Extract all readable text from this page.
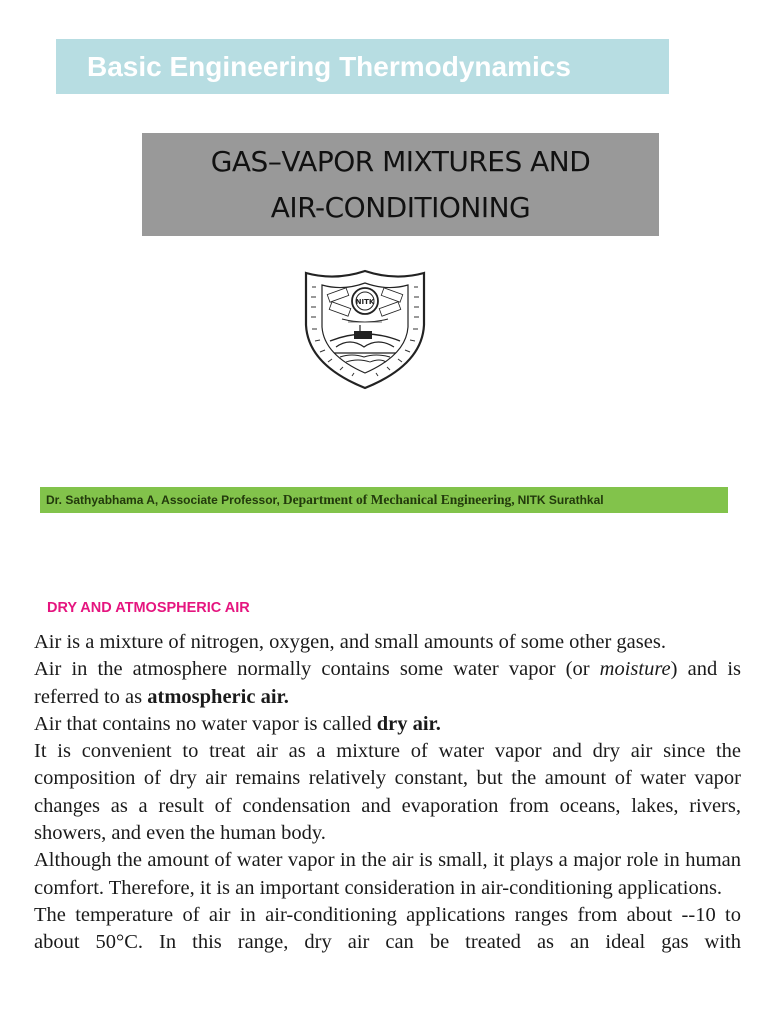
Basic Engineering Thermodynamics
GAS–VAPOR MIXTURES AND
AIR-CONDITIONING
NITK
Dr. Sathyabhama A, Associate Professor, Department of Mechanical Engineering, NITK Surathkal
DRY AND ATMOSPHERIC AIR
Air is a mixture of nitrogen, oxygen, and small amounts of some other gases.
Air in the atmosphere normally contains some water vapor (or moisture) and is referred to as atmospheric air.
Air that contains no water vapor is called dry air.
It is convenient to treat air as a mixture of water vapor and dry air since the composition of dry air remains relatively constant, but the amount of water vapor changes as a result of condensation and evaporation from oceans, lakes, rivers, showers, and even the human body.
Although the amount of water vapor in the air is small, it plays a major role in human comfort. Therefore, it is an important consideration in air-conditioning applications.
The temperature of air in air-conditioning applications ranges from about --10 to about 50°C. In this range, dry air can be treated as an ideal gas with
